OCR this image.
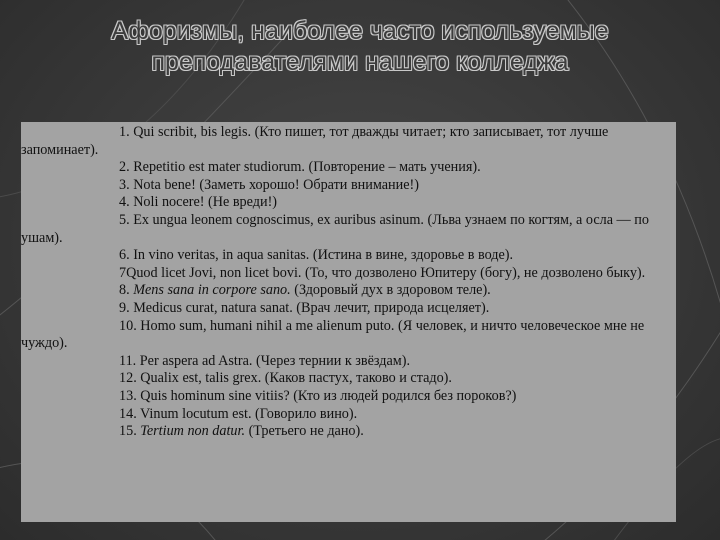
Афоризмы, наиболее часто используемые
преподавателями нашего колледжа

1. Qui scribit, bis legis. (Кто пишет, тот дважды читает; кто записывает, тот лучше запоминает).

2. Repetitio est mater studiorum. (Повторение – мать учения).

3. Nota bene! (Заметь хорошо! Обрати внимание!)

4. Noli nocere! (Не вреди!)

5. Ex ungua leonem cognoscimus, ex auribus asinum. (Льва узнаем по когтям, а осла — по ушам).

6. In vino veritas, in aqua sanitas. (Истина в вине, здоровье в воде).

7Quod licet Jovi, non licet bovi. (То, что дозволено Юпитеру (богу), не дозволено быку).

8. Mens sana in corpore sano. (Здоровый дух в здоровом теле).

9. Medicus curat, natura sanat. (Врач лечит, природа исцеляет).

10. Homo sum, humani nihil a me alienum puto. (Я человек, и ничто человеческое мне не чуждо).

11. Per aspera ad Astra. (Через тернии к звёздам).

12. Qualix est, talis grex. (Каков пастух, таково и стадо).

13. Quis hominum sine vitiis? (Кто из людей родился без пороков?)

14. Vinum locutum est. (Говорило вино).

15. Tertium non datur. (Третьего не дано).
